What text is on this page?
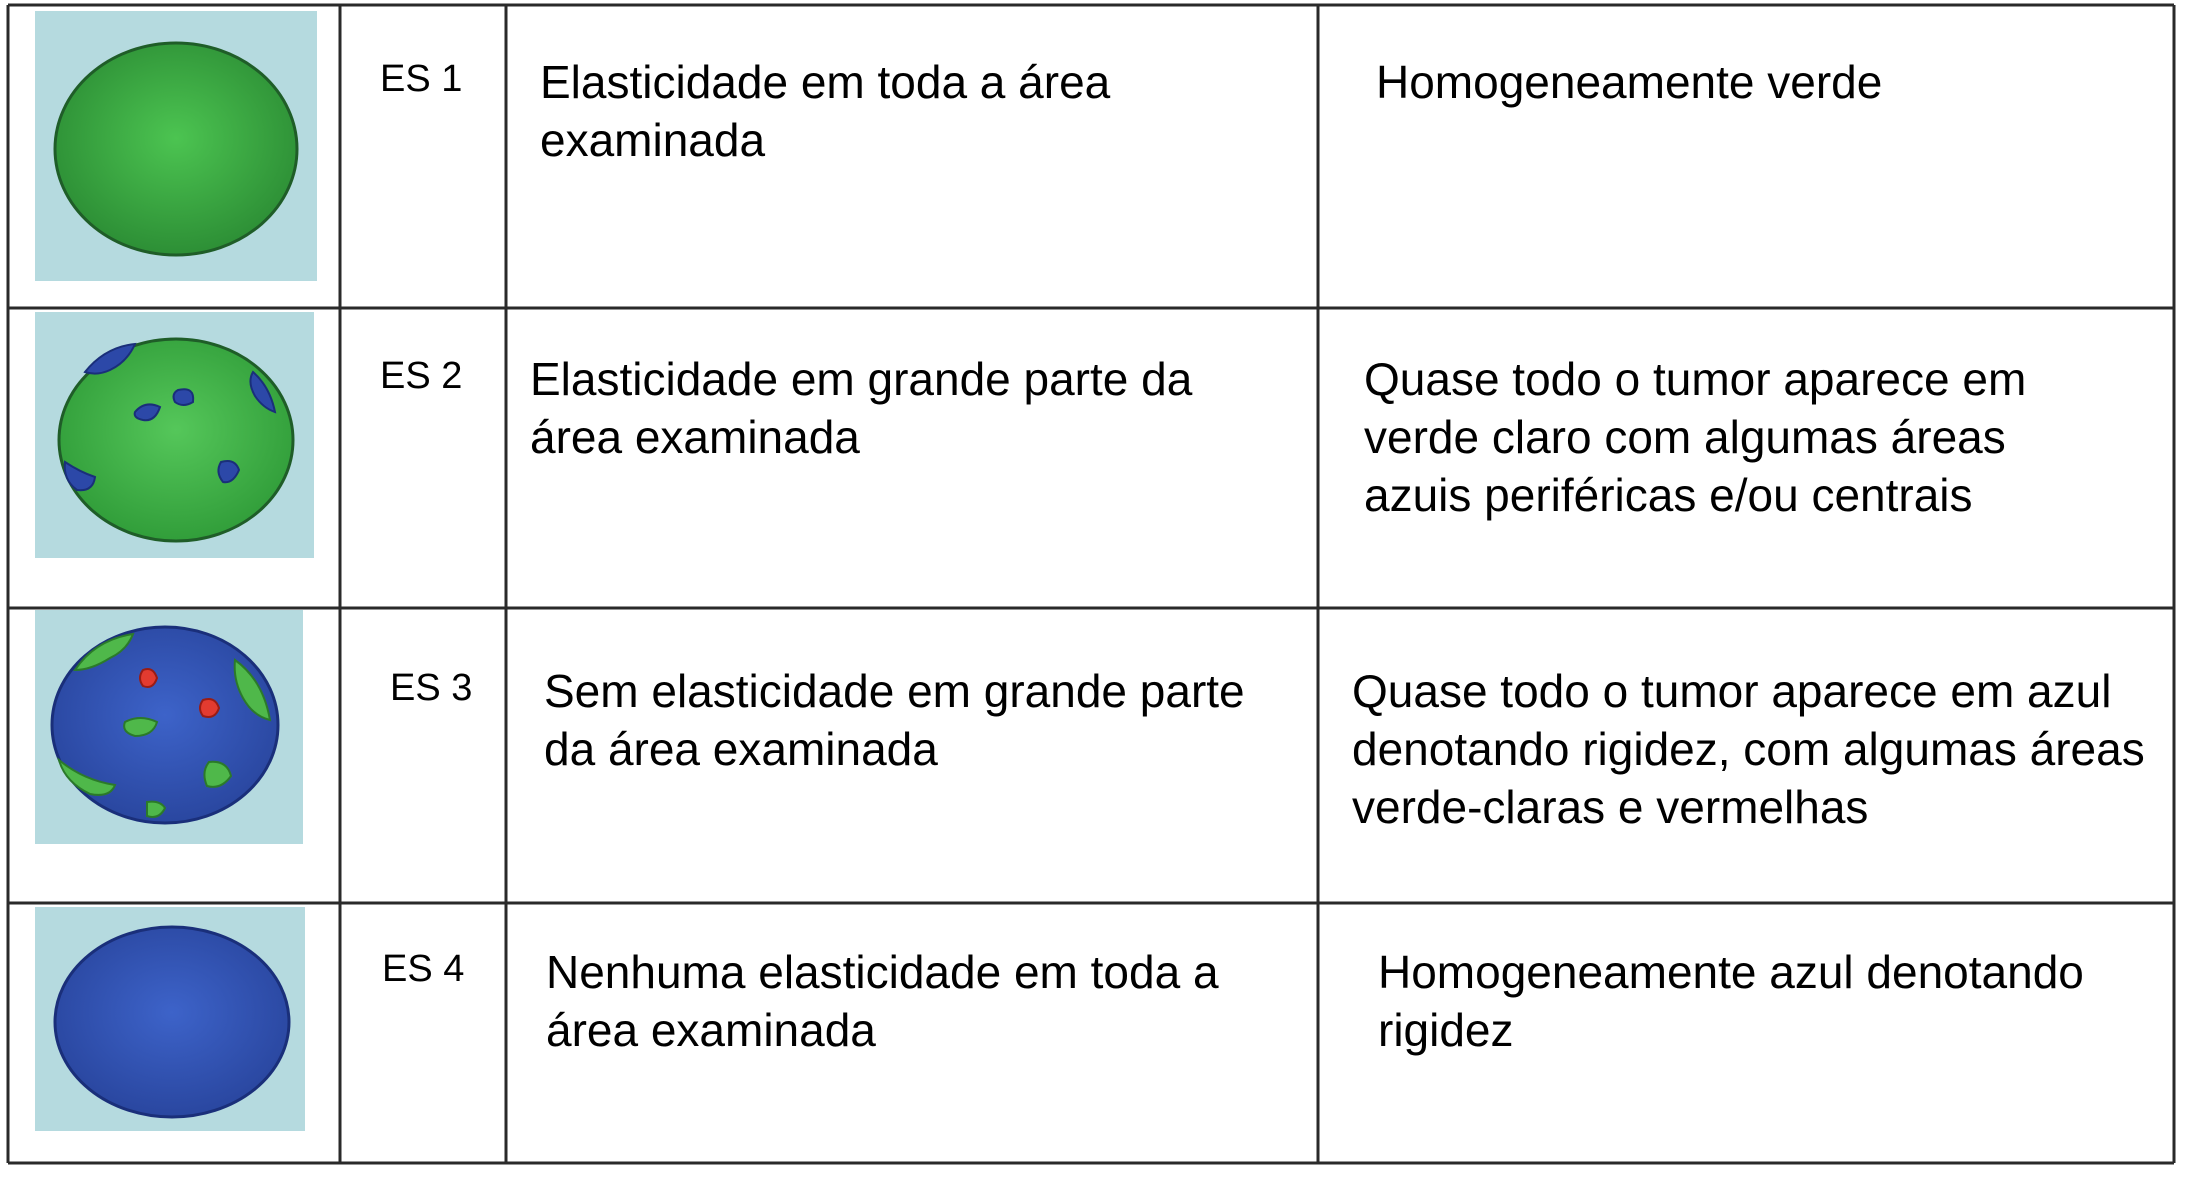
ES 1 Elasticidade em toda a área
examinada
Homogeneamente verde
ES 2 Elasticidade em grande parte da
área examinada
Quase todo o tumor aparece em
verde claro com algumas áreas
azuis periféricas e/ou centrais
ES 3 Sem elasticidade em grande parte
da área examinada
Quase todo o tumor aparece em azul
denotando rigidez, com algumas áreas
verde-claras e vermelhas
ES 4 Nenhuma elasticidade em toda a
área examinada
Homogeneamente azul denotando
rigidez
